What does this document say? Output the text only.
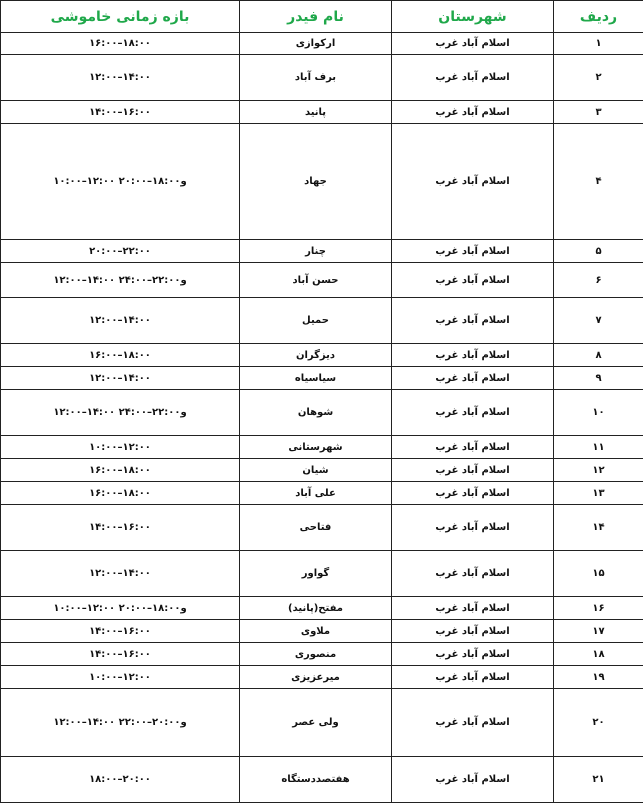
ردیف	شهرستان	نام فیدر	بازه زمانی خاموشی
۱	اسلام آباد غرب	ارکوازی	۱۶:۰۰–۱۸:۰۰
۲	اسلام آباد غرب	برف آباد	۱۲:۰۰–۱۴:۰۰
۳	اسلام آباد غرب	پانید	۱۴:۰۰–۱۶:۰۰
۴	اسلام آباد غرب	جهاد	۱۰:۰۰–۱۲:۰۰ و۱۸:۰۰–۲۰:۰۰
۵	اسلام آباد غرب	چنار	۲۰:۰۰–۲۲:۰۰
۶	اسلام آباد غرب	حسن آباد	۱۲:۰۰–۱۴:۰۰ و۲۲:۰۰–۲۴:۰۰
۷	اسلام آباد غرب	حمیل	۱۲:۰۰–۱۴:۰۰
۸	اسلام آباد غرب	دیزگران	۱۶:۰۰–۱۸:۰۰
۹	اسلام آباد غرب	سیاسیاه	۱۲:۰۰–۱۴:۰۰
۱۰	اسلام آباد غرب	شوهان	۱۲:۰۰–۱۴:۰۰ و۲۲:۰۰–۲۴:۰۰
۱۱	اسلام آباد غرب	شهرستانی	۱۰:۰۰–۱۲:۰۰
۱۲	اسلام آباد غرب	شیان	۱۶:۰۰–۱۸:۰۰
۱۳	اسلام آباد غرب	علی آباد	۱۶:۰۰–۱۸:۰۰
۱۴	اسلام آباد غرب	فتاحی	۱۴:۰۰–۱۶:۰۰
۱۵	اسلام آباد غرب	گواور	۱۲:۰۰–۱۴:۰۰
۱۶	اسلام آباد غرب	مفتح(پانید)	۱۰:۰۰–۱۲:۰۰ و۱۸:۰۰–۲۰:۰۰
۱۷	اسلام آباد غرب	ملاوی	۱۴:۰۰–۱۶:۰۰
۱۸	اسلام آباد غرب	منصوری	۱۴:۰۰–۱۶:۰۰
۱۹	اسلام آباد غرب	میرعزیزی	۱۰:۰۰–۱۲:۰۰
۲۰	اسلام آباد غرب	ولی عصر	۱۲:۰۰–۱۴:۰۰ و۲۰:۰۰–۲۲:۰۰
۲۱	اسلام آباد غرب	هفتصددستگاه	۱۸:۰۰–۲۰:۰۰
